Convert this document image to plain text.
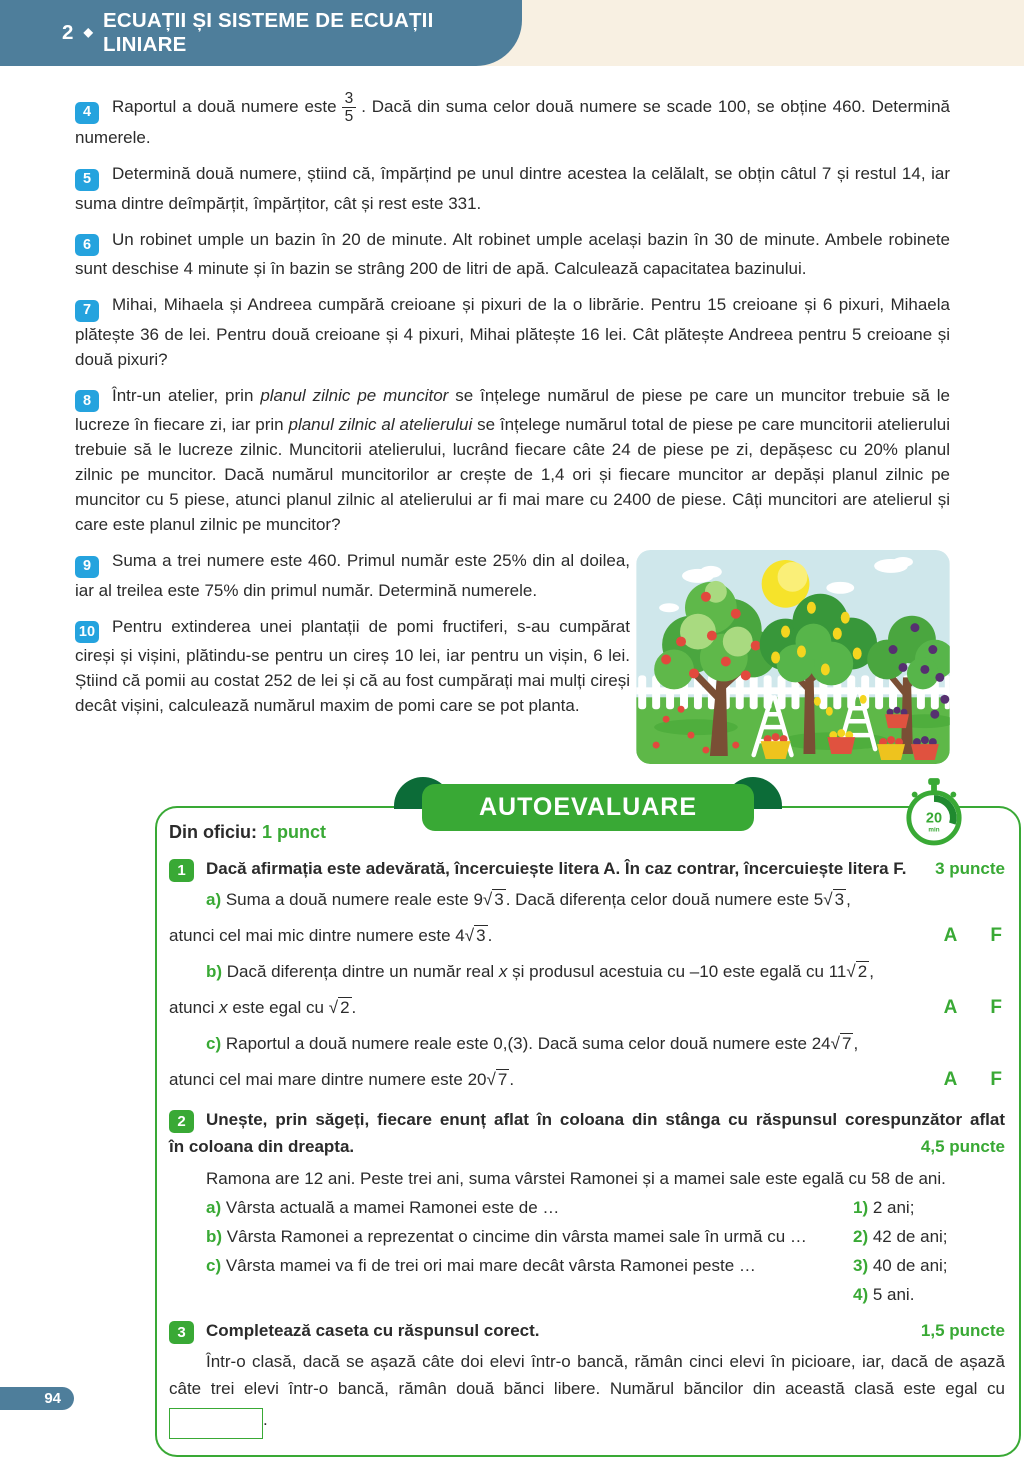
2 ◆ ECUAȚII ȘI SISTEME DE ECUAȚII LINIARE
4 Raportul a două numere este $\frac{3}{5}$ . Dacă din suma celor două numere se scade 100, se obține 460. Determină numerele.
5 Determină două numere, știind că, împărțind pe unul dintre acestea la celălalt, se obțin câtul 7 și restul 14, iar suma dintre deîmpărțit, împărțitor, cât și rest este 331.
6 Un robinet umple un bazin în 20 de minute. Alt robinet umple același bazin în 30 de minute. Ambele robinete sunt deschise 4 minute și în bazin se strâng 200 de litri de apă. Calculează capacitatea bazinului.
7 Mihai, Mihaela și Andreea cumpără creioane și pixuri de la o librărie. Pentru 15 creioane și 6 pixuri, Mihaela plătește 36 de lei. Pentru două creioane și 4 pixuri, Mihai plătește 16 lei. Cât plătește Andreea pentru 5 creioane și două pixuri?
8 Într-un atelier, prin planul zilnic pe muncitor se înțelege numărul de piese pe care un muncitor trebuie să le lucreze în fiecare zi, iar prin planul zilnic al atelierului se înțelege numărul total de piese pe care muncitorii atelierului trebuie să le lucreze zilnic. Muncitorii atelierului, lucrând fiecare câte 24 de piese pe zi, depășesc cu 20% planul zilnic pe muncitor. Dacă numărul muncitorilor ar crește de 1,4 ori și fiecare muncitor ar depăși planul zilnic pe muncitor cu 5 piese, atunci planul zilnic al atelierului ar fi mai mare cu 2400 de piese. Câți muncitori are atelierul și care este planul zilnic pe muncitor?
9 Suma a trei numere este 460. Primul număr este 25% din al doilea, iar al treilea este 75% din primul număr. Determină numerele.
10 Pentru extinderea unei plantații de pomi fructiferi, s-au cumpărat cireși și vișini, plătindu-se pentru un cireș 10 lei, iar pentru un vișin, 6 lei. Știind că pomii au costat 252 de lei și că au fost cumpărați mai mulți cireși decât vișini, calculează numărul maxim de pomi care se pot planta.
AUTOEVALUARE	20
min
Din oficiu: 1 punct
1	Dacă afirmația este adevărată, încercuiește litera A. În caz contrar, încercuiește litera F.	3 puncte
a) Suma a două numere reale este 9 √ 3 . Dacă diferența celor două numere este 5 √ 3 ,
atunci cel mai mic dintre numere este 4 √ 3 .	A F
b) Dacă diferența dintre un număr real x și produsul acestuia cu –10 este egală cu 11 √ 2 ,
atunci x este egal cu √ 2 .	A F
c) Raportul a două numere reale este 0,(3). Dacă suma celor două numere este 24 √ 7 ,
atunci cel mai mare dintre numere este 20 √ 7 .	A F
2	Unește, prin săgeți, fiecare enunț aflat în coloana din stânga cu răspunsul corespunzător aflat
în coloana din dreapta.	4,5 puncte
Ramona are 12 ani. Peste trei ani, suma vârstei Ramonei și a mamei sale este egală cu 58 de ani.
a) Vârsta actuală a mamei Ramonei este de …	1) 2 ani;
b) Vârsta Ramonei a reprezentat o cincime din vârsta mamei sale în urmă cu …	2) 42 de ani;
c) Vârsta mamei va fi de trei ori mai mare decât vârsta Ramonei peste …	3) 40 de ani;
4) 5 ani.
3	Completează caseta cu răspunsul corect.	1,5 puncte
Într-o clasă, dacă se așază câte doi elevi într-o bancă, rămân cinci elevi în picioare, iar, dacă de așază
câte trei elevi într-o bancă, rămân două bănci libere. Numărul băncilor din această clasă este egal cu
.
94
